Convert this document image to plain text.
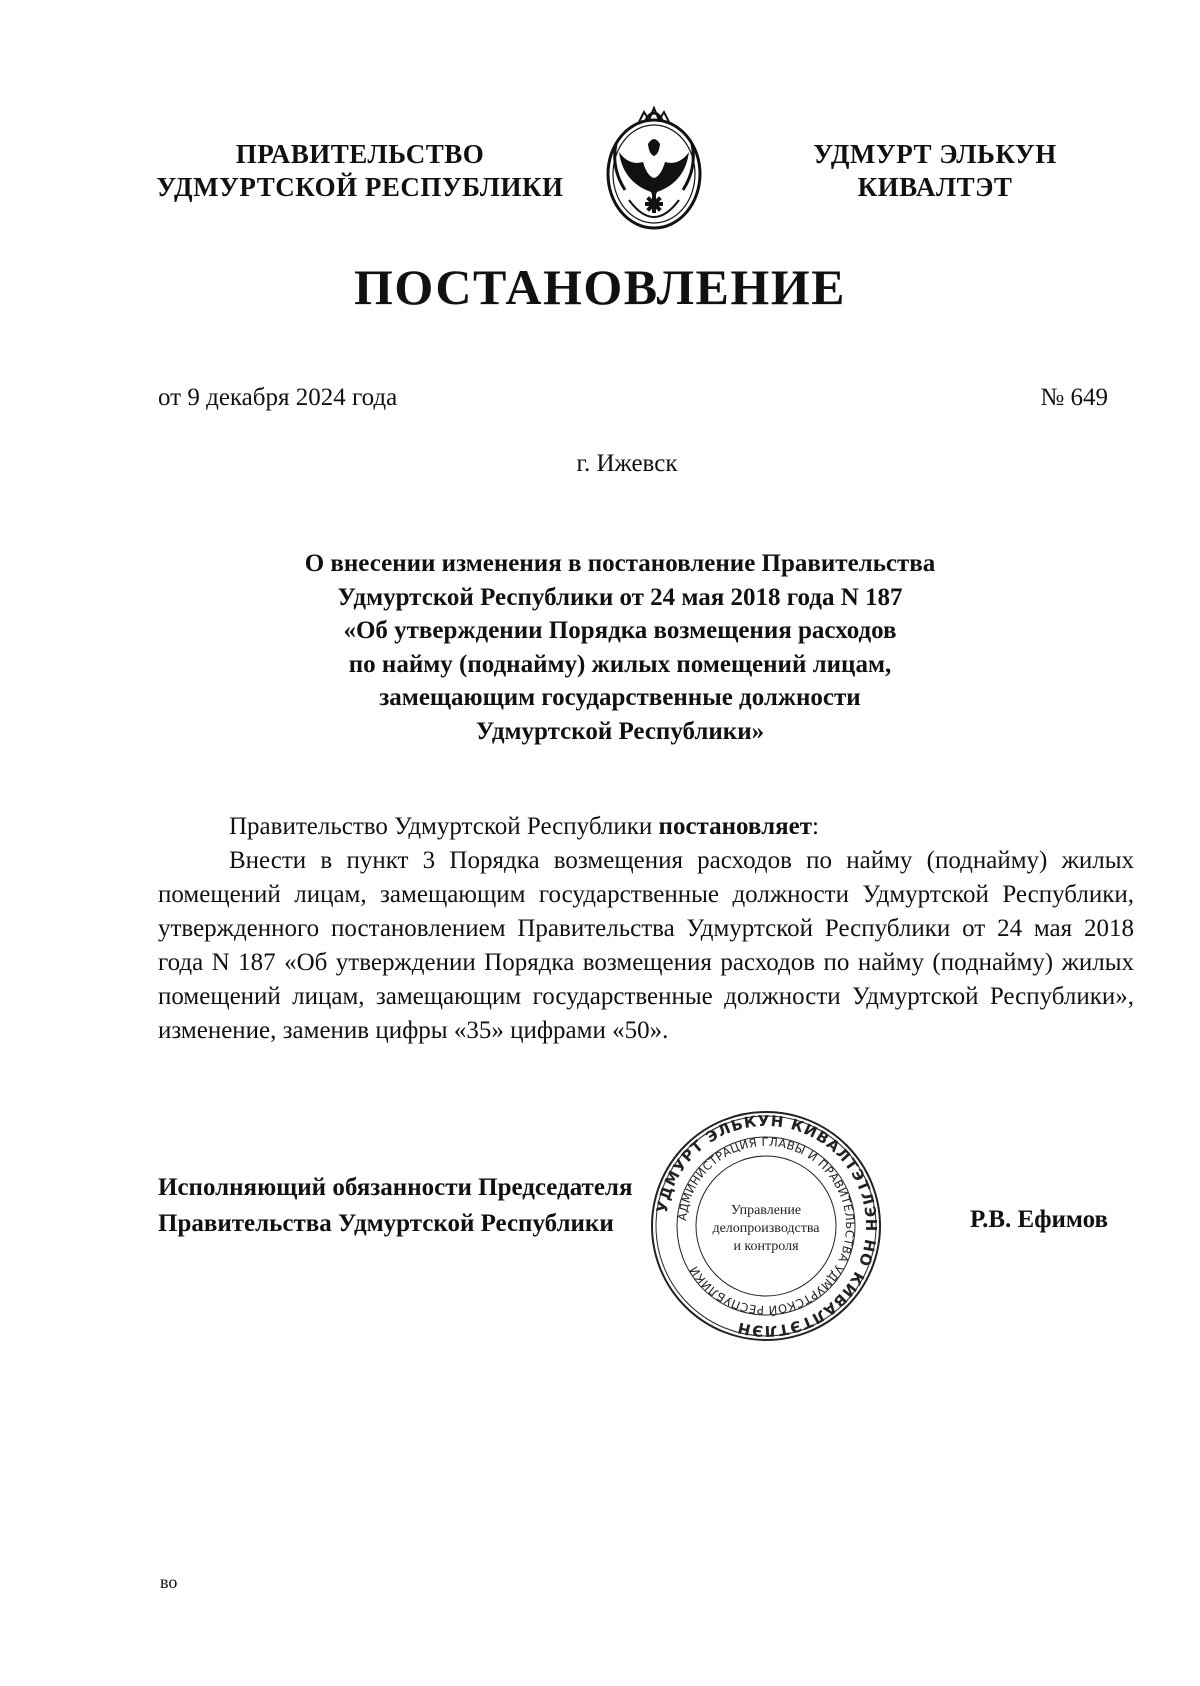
ПРАВИТЕЛЬСТВО
УДМУРТСКОЙ РЕСПУБЛИКИ
УДМУРТ ЭЛЬКУН
КИВАЛТЭТ
ПОСТАНОВЛЕНИЕ
от 9 декабря 2024 года	№ 649
г. Ижевск
О внесении изменения в постановление Правительства
Удмуртской Республики от 24 мая 2018 года N 187
«Об утверждении Порядка возмещения расходов
по найму (поднайму) жилых помещений лицам,
замещающим государственные должности
Удмуртской Республики»

Правительство Удмуртской Республики постановляет:

Внести в пункт 3 Порядка возмещения расходов по найму (поднайму) жилых помещений лицам, замещающим государственные должности Удмуртской Республики, утвержденного постановлением Правительства Удмуртской Республики от 24 мая 2018 года N 187 «Об утверждении Порядка возмещения расходов по найму (поднайму) жилых помещений лицам, замещающим государственные должности Удмуртской Республики», изменение, заменив цифры «35» цифрами «50».

Исполняющий обязанности Председателя
Правительства Удмуртской Республики
УДМУРТ ЭЛЬКУН КИВАЛТЭТЛЭН НО КИВАЛТЭТЛЭН
АДМИНИСТРАЦИЯ ГЛАВЫ И ПРАВИТЕЛЬСТВА УДМУРТСКОЙ РЕСПУБЛИКИ
Управление
делопроизводства
и контроля
Р.В. Ефимов
во
